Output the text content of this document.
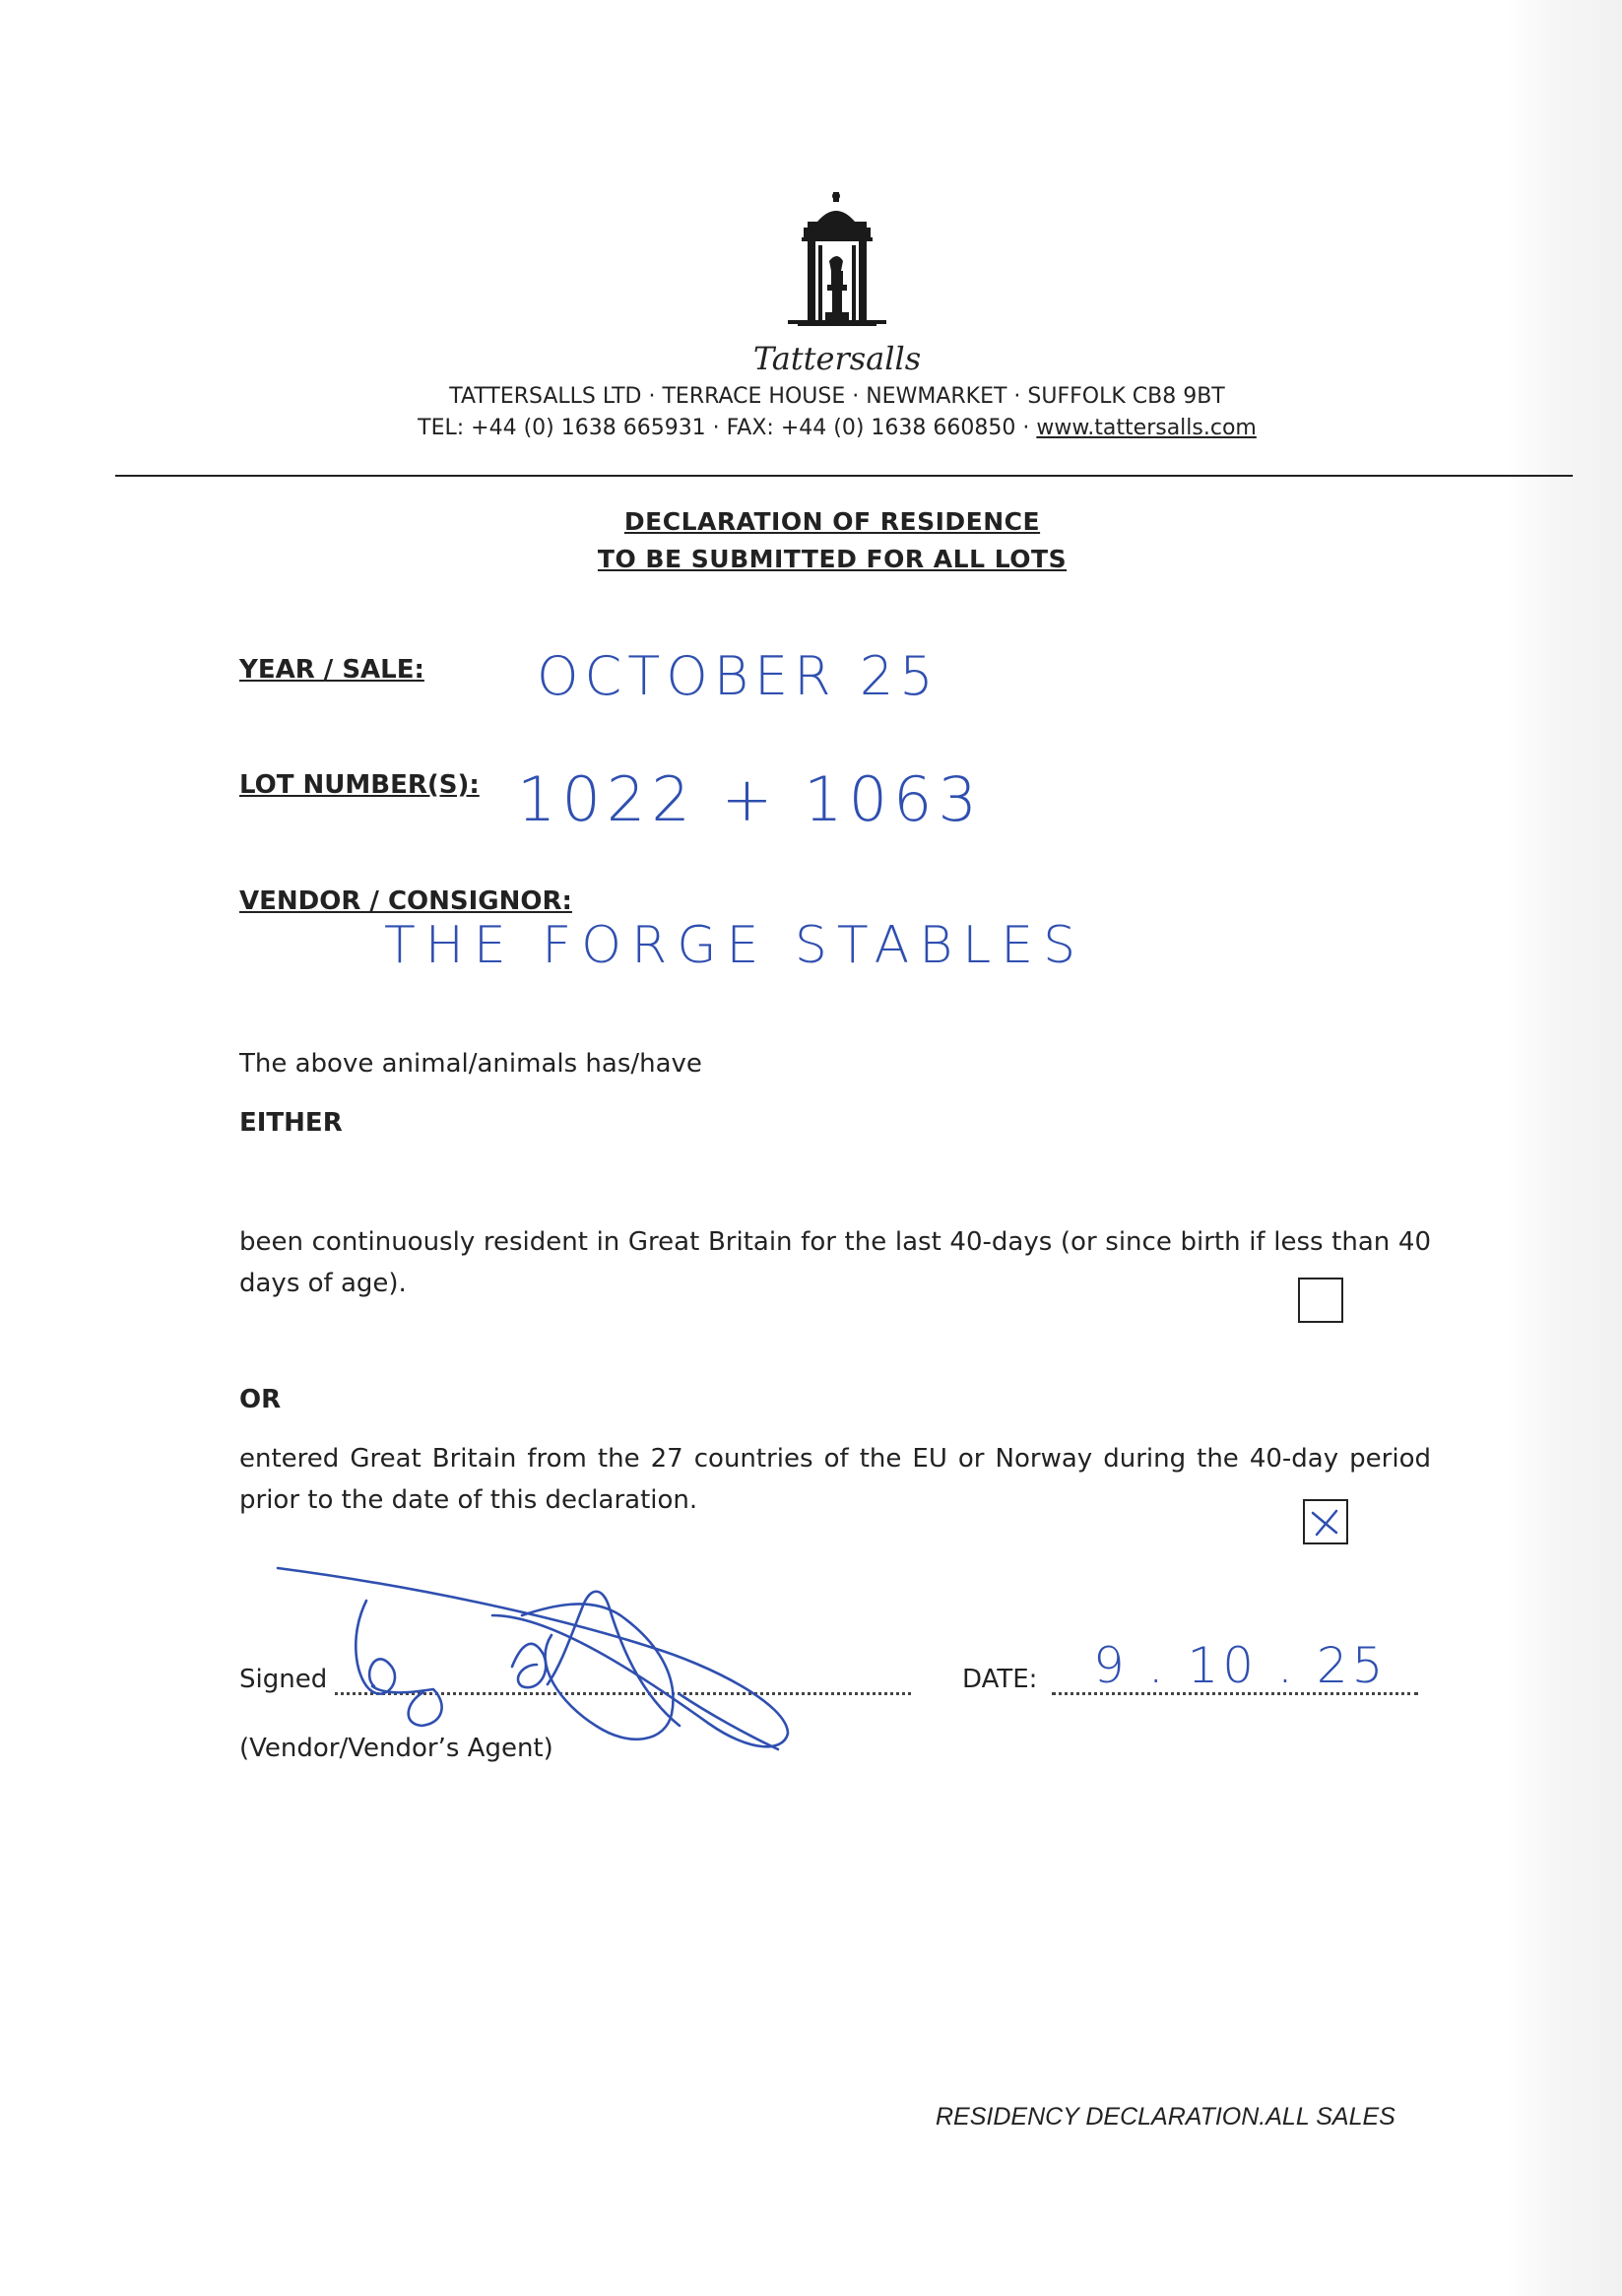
Tattersalls
TATTERSALLS LTD · TERRACE HOUSE · NEWMARKET · SUFFOLK CB8 9BT
TEL: +44 (0) 1638 665931 · FAX: +44 (0) 1638 660850 · www.tattersalls.com
DECLARATION OF RESIDENCE
TO BE SUBMITTED FOR ALL LOTS
YEAR / SALE: OCTOBER 25
LOT NUMBER(S): 1022 + 1063
VENDOR / CONSIGNOR:
THE FORGE STABLES
The above animal/animals has/have
EITHER
been continuously resident in Great Britain for the last 40-days (or since birth if less than 40 days of age).
OR
entered Great Britain from the 27 countries of the EU or Norway during the 40-day period prior to the date of this declaration.
Signed
(Vendor/Vendor’s Agent)
DATE: 9 . 10 . 25
RESIDENCY DECLARATION.ALL SALES
